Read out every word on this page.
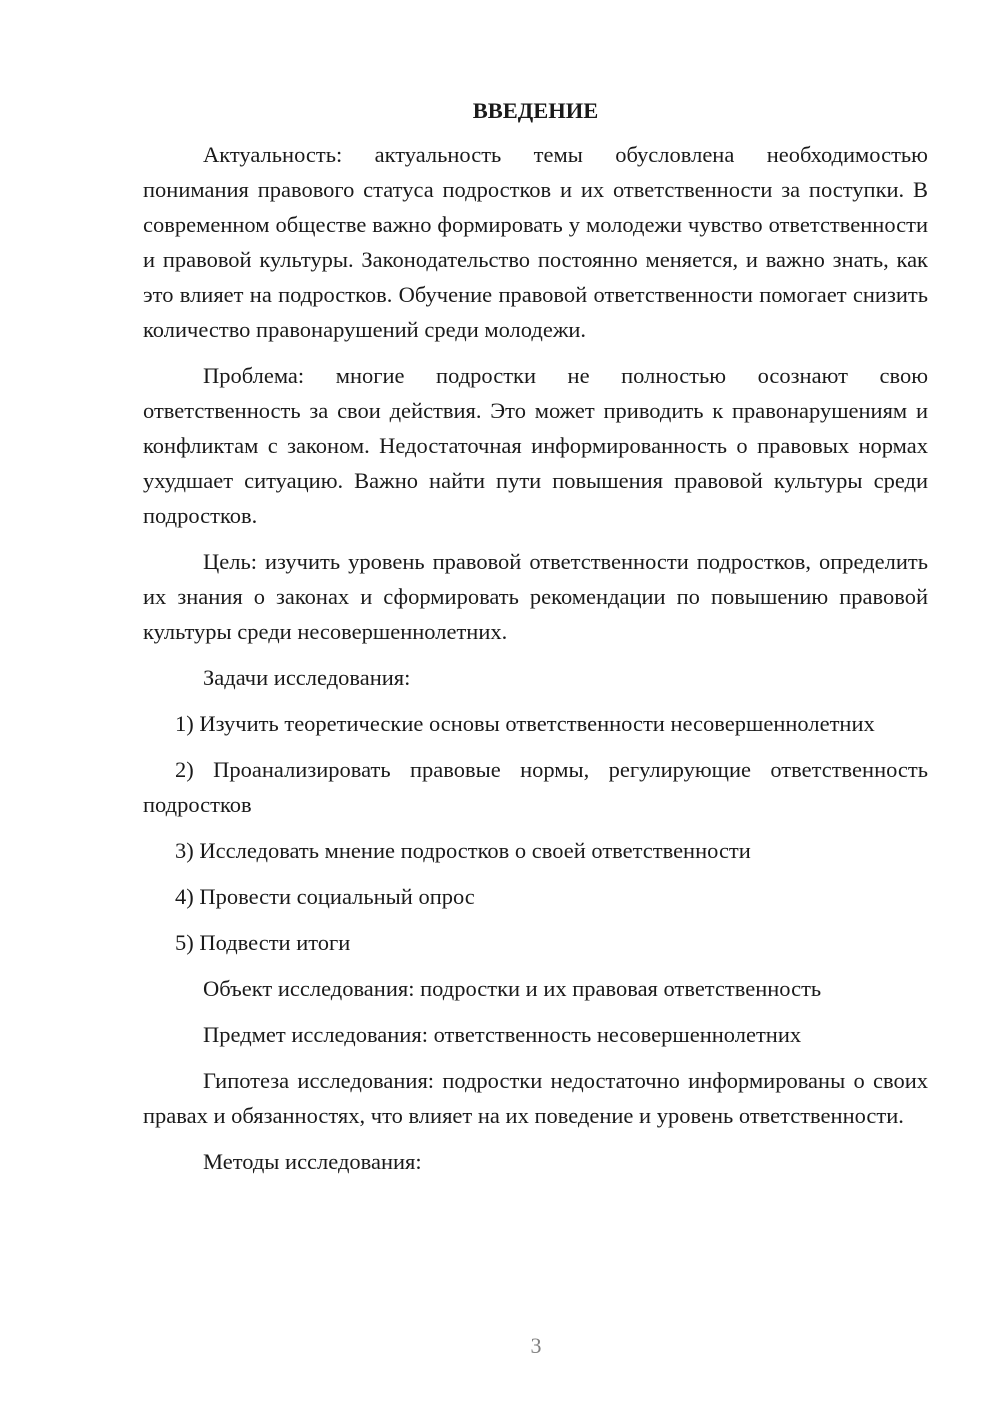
ВВЕДЕНИЕ

Актуальность: актуальность темы обусловлена необходимостью понимания правового статуса подростков и их ответственности за поступки. В современном обществе важно формировать у молодежи чувство ответственности и правовой культуры. Законодательство постоянно меняется, и важно знать, как это влияет на подростков. Обучение правовой ответственности помогает снизить количество правонарушений среди молодежи.

Проблема: многие подростки не полностью осознают свою ответственность за свои действия. Это может приводить к правонарушениям и конфликтам с законом. Недостаточная информированность о правовых нормах ухудшает ситуацию. Важно найти пути повышения правовой культуры среди подростков.

Цель: изучить уровень правовой ответственности подростков, определить их знания о законах и сформировать рекомендации по повышению правовой культуры среди несовершеннолетних.

Задачи исследования:

1) Изучить теоретические основы ответственности несовершеннолетних

2) Проанализировать правовые нормы, регулирующие ответственность подростков

3) Исследовать мнение подростков о своей ответственности

4) Провести социальный опрос

5) Подвести итоги

Объект исследования: подростки и их правовая ответственность

Предмет исследования: ответственность несовершеннолетних

Гипотеза исследования: подростки недостаточно информированы о своих правах и обязанностях, что влияет на их поведение и уровень ответственности.

Методы исследования:

3
